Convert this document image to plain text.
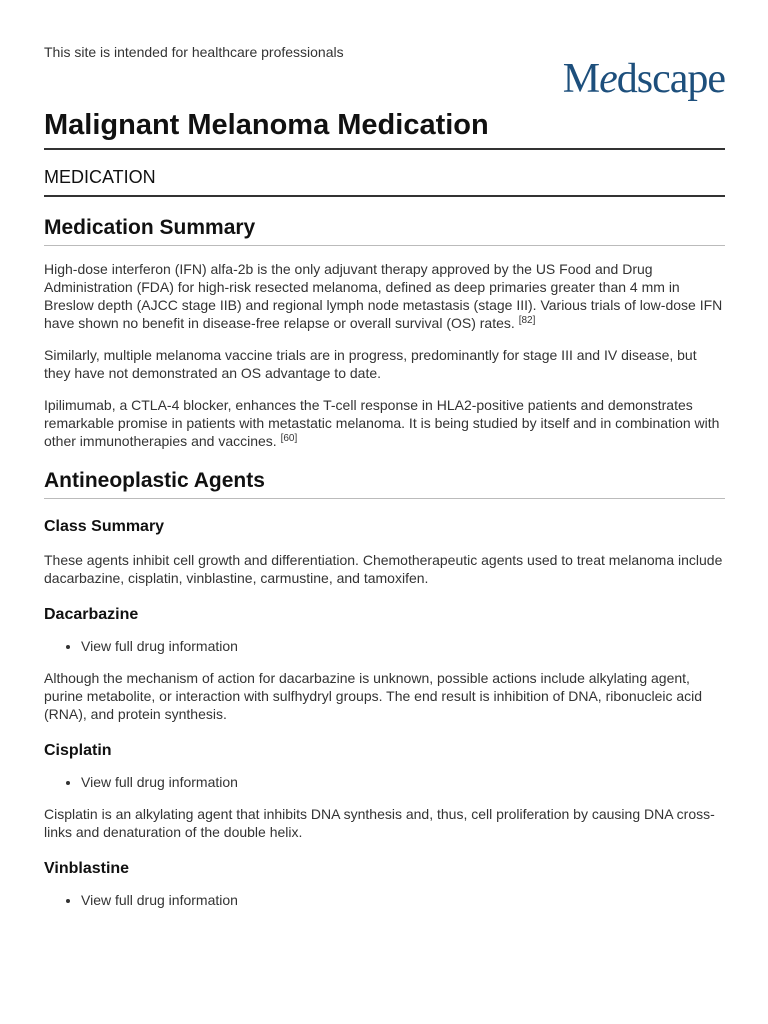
This site is intended for healthcare professionals
Medscape
Malignant Melanoma Medication
MEDICATION
Medication Summary

High-dose interferon (IFN) alfa-2b is the only adjuvant therapy approved by the US Food and Drug Administration (FDA) for high-risk resected melanoma, defined as deep primaries greater than 4 mm in Breslow depth (AJCC stage IIB) and regional lymph node metastasis (stage III). Various trials of low-dose IFN have shown no benefit in disease-free relapse or overall survival (OS) rates. [82]

Similarly, multiple melanoma vaccine trials are in progress, predominantly for stage III and IV disease, but they have not demonstrated an OS advantage to date.

Ipilimumab, a CTLA-4 blocker, enhances the T-cell response in HLA2-positive patients and demonstrates remarkable promise in patients with metastatic melanoma. It is being studied by itself and in combination with other immunotherapies and vaccines. [60]

Antineoplastic Agents
Class Summary

These agents inhibit cell growth and differentiation. Chemotherapeutic agents used to treat melanoma include dacarbazine, cisplatin, vinblastine, carmustine, and tamoxifen.

Dacarbazine
• View full drug information

Although the mechanism of action for dacarbazine is unknown, possible actions include alkylating agent, purine metabolite, or interaction with sulfhydryl groups. The end result is inhibition of DNA, ribonucleic acid (RNA), and protein synthesis.

Cisplatin
• View full drug information

Cisplatin is an alkylating agent that inhibits DNA synthesis and, thus, cell proliferation by causing DNA cross-links and denaturation of the double helix.

Vinblastine
• View full drug information
